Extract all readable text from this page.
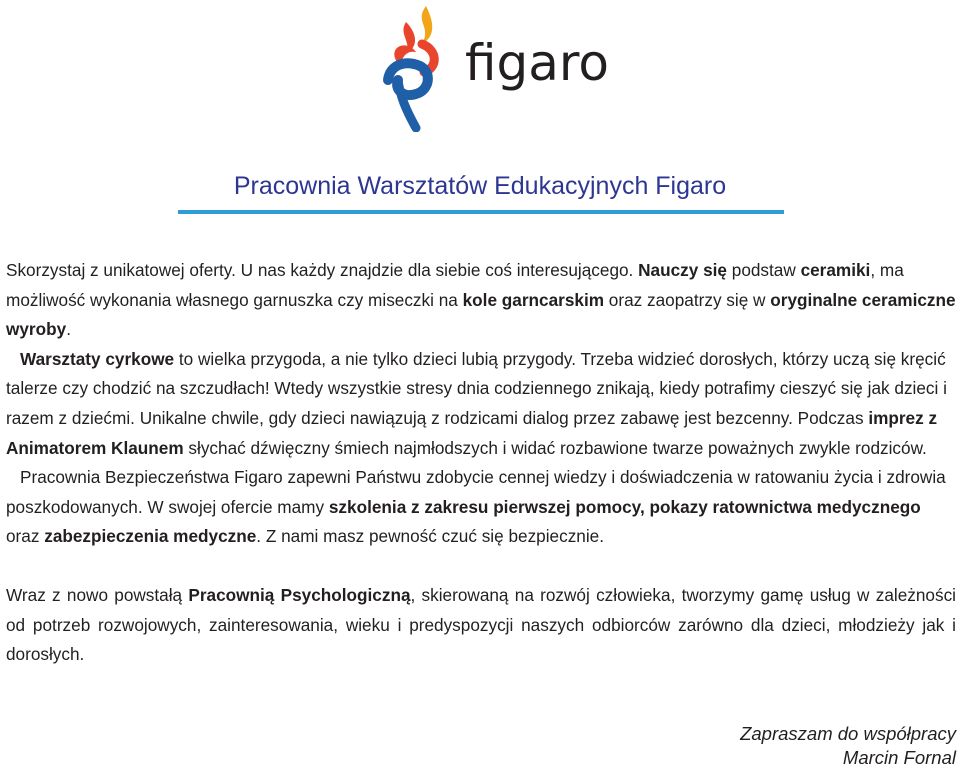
figaro
Pracownia Warsztatów Edukacyjnych Figaro

Skorzystaj z unikatowej oferty. U nas każdy znajdzie dla siebie coś interesującego. Nauczy się podstaw ceramiki, ma możliwość wykonania własnego garnuszka czy miseczki na kole garncarskim oraz zaopatrzy się w oryginalne ceramiczne wyroby.

Warsztaty cyrkowe to wielka przygoda, a nie tylko dzieci lubią przygody. Trzeba widzieć dorosłych, którzy uczą się kręcić talerze czy chodzić na szczudłach! Wtedy wszystkie stresy dnia codziennego znikają, kiedy potrafimy cieszyć się jak dzieci i razem z dziećmi. Unikalne chwile, gdy dzieci nawiązują z rodzicami dialog przez zabawę jest bezcenny. Podczas imprez z Animatorem Klaunem słychać dźwięczny śmiech najmłodszych i widać rozbawione twarze poważnych zwykle rodziców.

Pracownia Bezpieczeństwa Figaro zapewni Państwu zdobycie cennej wiedzy i doświadczenia w ratowaniu życia i zdrowia poszkodowanych. W swojej ofercie mamy szkolenia z zakresu pierwszej pomocy, pokazy ratownictwa medycznego oraz zabezpieczenia medyczne. Z nami masz pewność czuć się bezpiecznie.

Wraz z nowo powstałą Pracownią Psychologiczną, skierowaną na rozwój człowieka, tworzymy gamę usług w zależności od potrzeb rozwojowych, zainteresowania, wieku i predyspozycji naszych odbiorców zarówno dla dzieci, młodzieży jak i dorosłych.

Zapraszam do współpracy
Marcin Fornal
